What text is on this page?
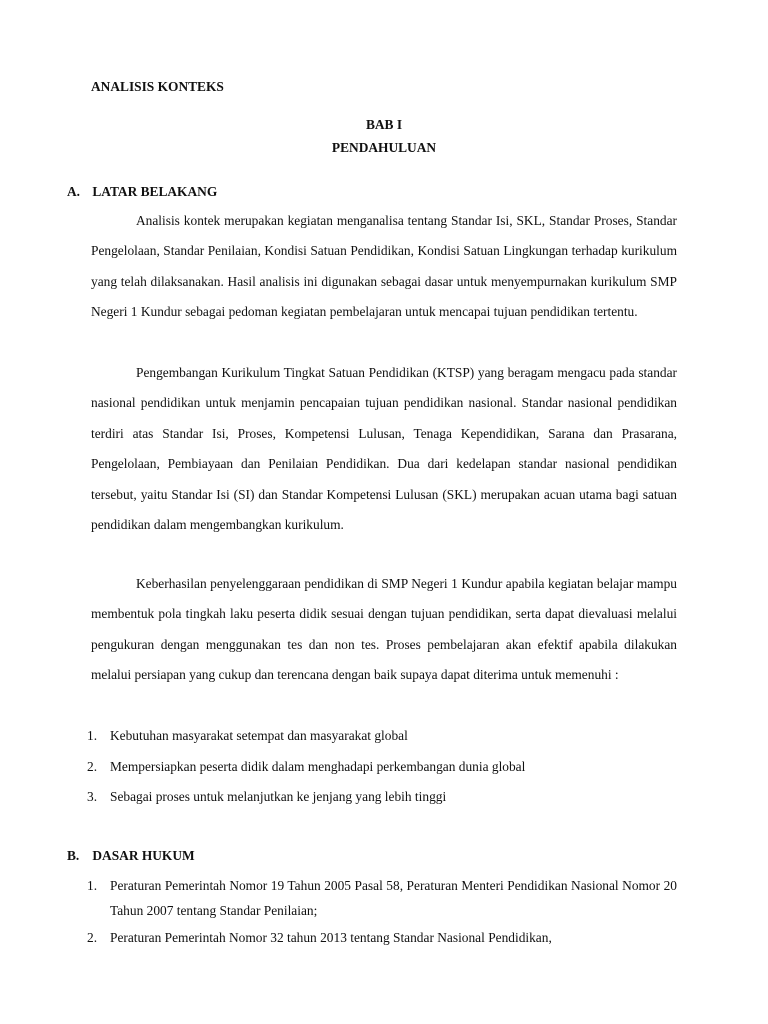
ANALISIS KONTEKS
BAB I
PENDAHULUAN
A. LATAR BELAKANG

Analisis kontek merupakan kegiatan menganalisa tentang Standar Isi, SKL, Standar Proses, Standar Pengelolaan, Standar Penilaian, Kondisi Satuan Pendidikan, Kondisi Satuan Lingkungan terhadap kurikulum yang telah dilaksanakan. Hasil analisis ini digunakan sebagai dasar untuk menyempurnakan kurikulum SMP Negeri 1 Kundur sebagai pedoman kegiatan pembelajaran untuk mencapai tujuan pendidikan tertentu.

Pengembangan Kurikulum Tingkat Satuan Pendidikan (KTSP) yang beragam mengacu pada standar nasional pendidikan untuk menjamin pencapaian tujuan pendidikan nasional. Standar nasional pendidikan terdiri atas Standar Isi, Proses, Kompetensi Lulusan, Tenaga Kependidikan, Sarana dan Prasarana, Pengelolaan, Pembiayaan dan Penilaian Pendidikan. Dua dari kedelapan standar nasional pendidikan tersebut, yaitu Standar Isi (SI) dan Standar Kompetensi Lulusan (SKL) merupakan acuan utama bagi satuan pendidikan dalam mengembangkan kurikulum.

Keberhasilan penyelenggaraan pendidikan di SMP Negeri 1 Kundur apabila kegiatan belajar mampu membentuk pola tingkah laku peserta didik sesuai dengan tujuan pendidikan, serta dapat dievaluasi melalui pengukuran dengan menggunakan tes dan non tes. Proses pembelajaran akan efektif apabila dilakukan melalui persiapan yang cukup dan terencana dengan baik supaya dapat diterima untuk memenuhi :

1. Kebutuhan masyarakat setempat dan masyarakat global
2. Mempersiapkan peserta didik dalam menghadapi perkembangan dunia global
3. Sebagai proses untuk melanjutkan ke jenjang yang lebih tinggi
B. DASAR HUKUM
1. Peraturan Pemerintah Nomor 19 Tahun 2005 Pasal 58, Peraturan Menteri Pendidikan Nasional Nomor 20 Tahun 2007 tentang Standar Penilaian;
2. Peraturan Pemerintah Nomor 32 tahun 2013 tentang Standar Nasional Pendidikan,
